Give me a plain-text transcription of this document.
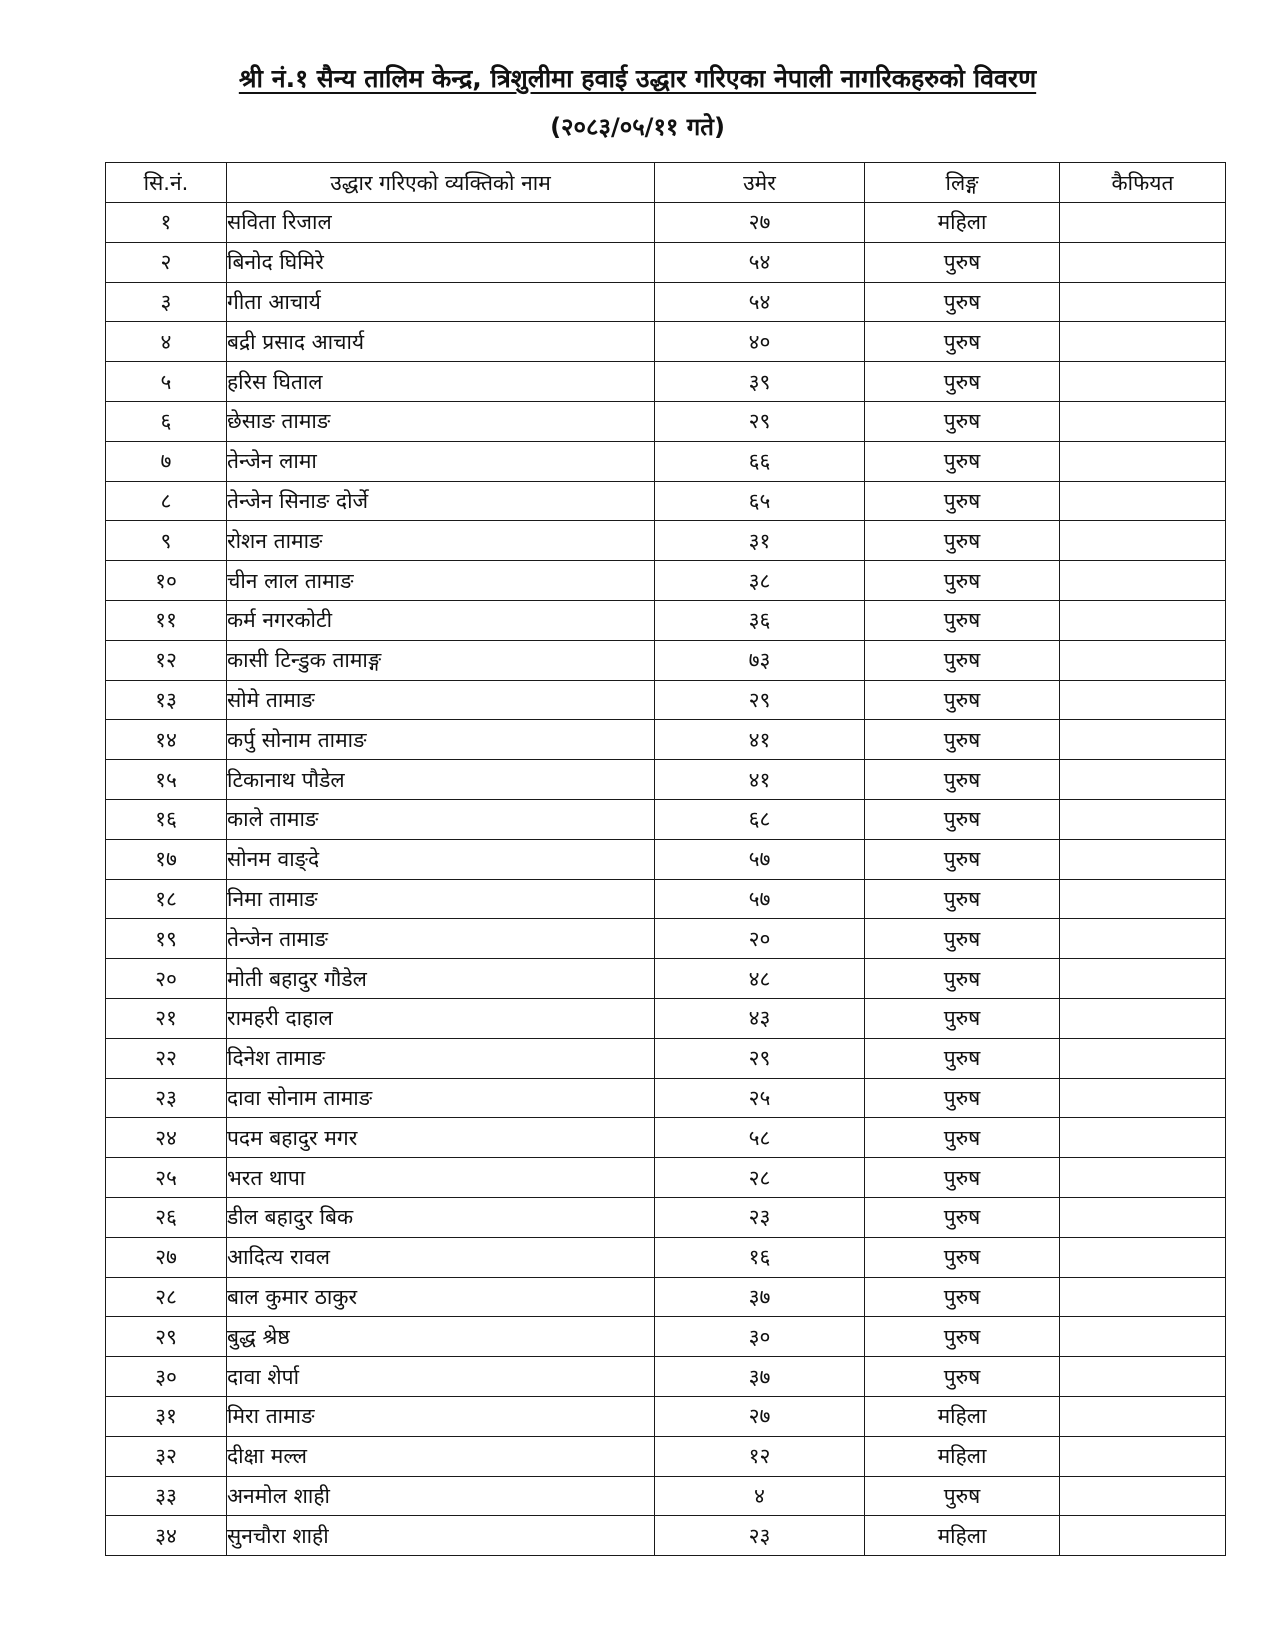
श्री नं.१ सैन्य तालिम केन्द्र, त्रिशुलीमा हवाई उद्धार गरिएका नेपाली नागरिकहरुको विवरण
(२०८३/०५/११ गते)
सि.नं.	उद्धार गरिएको व्यक्तिको नाम	उमेर	लिङ्ग	कैफियत
१	सविता रिजाल	२७	महिला	
२	बिनोद घिमिरे	५४	पुरुष	
३	गीता आचार्य	५४	पुरुष	
४	बद्री प्रसाद आचार्य	४०	पुरुष	
५	हरिस घिताल	३९	पुरुष	
६	छेसाङ तामाङ	२९	पुरुष	
७	तेन्जेन लामा	६६	पुरुष	
८	तेन्जेन सिनाङ दोर्जे	६५	पुरुष	
९	रोशन तामाङ	३१	पुरुष	
१०	चीन लाल तामाङ	३८	पुरुष	
११	कर्म नगरकोटी	३६	पुरुष	
१२	कासी टिन्डुक तामाङ्ग	७३	पुरुष	
१३	सोमे तामाङ	२९	पुरुष	
१४	कर्पु सोनाम तामाङ	४१	पुरुष	
१५	टिकानाथ पौडेल	४१	पुरुष	
१६	काले तामाङ	६८	पुरुष	
१७	सोनम वाङ्दे	५७	पुरुष	
१८	निमा तामाङ	५७	पुरुष	
१९	तेन्जेन तामाङ	२०	पुरुष	
२०	मोती बहादुर गौडेल	४८	पुरुष	
२१	रामहरी दाहाल	४३	पुरुष	
२२	दिनेश तामाङ	२९	पुरुष	
२३	दावा सोनाम तामाङ	२५	पुरुष	
२४	पदम बहादुर मगर	५८	पुरुष	
२५	भरत थापा	२८	पुरुष	
२६	डील बहादुर बिक	२३	पुरुष	
२७	आदित्य रावल	१६	पुरुष	
२८	बाल कुमार ठाकुर	३७	पुरुष	
२९	बुद्ध श्रेष्ठ	३०	पुरुष	
३०	दावा शेर्पा	३७	पुरुष	
३१	मिरा तामाङ	२७	महिला	
३२	दीक्षा मल्ल	१२	महिला	
३३	अनमोल शाही	४	पुरुष	
३४	सुनचौरा शाही	२३	महिला	
